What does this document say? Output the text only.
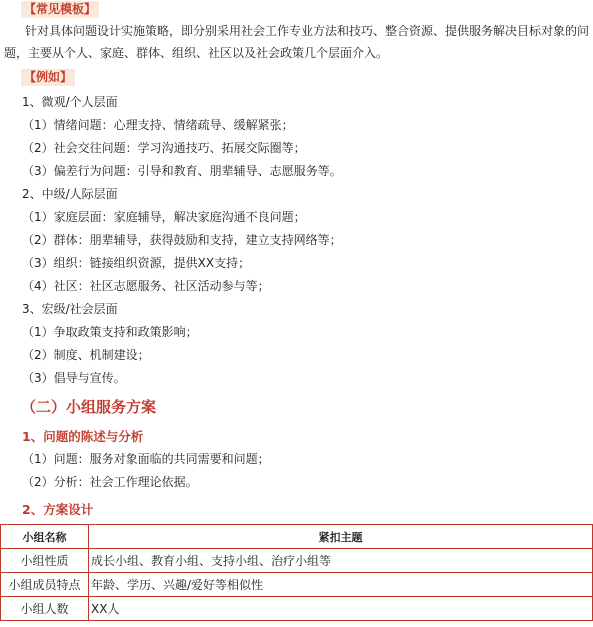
【常见模板】
针对具体问题设计实施策略，即分别采用社会工作专业方法和技巧、整合资源、提供服务解决目标对象的问题，主要从个人、家庭、群体、组织、社区以及社会政策几个层面介入。
【例如】
1、微观/个人层面
（1）情绪问题：心理支持、情绪疏导、缓解紧张；
（2）社会交往问题：学习沟通技巧、拓展交际圈等；
（3）偏差行为问题：引导和教育、朋辈辅导、志愿服务等。
2、中级/人际层面
（1）家庭层面：家庭辅导，解决家庭沟通不良问题；
（2）群体：朋辈辅导，获得鼓励和支持，建立支持网络等；
（3）组织：链接组织资源，提供XX支持；
（4）社区：社区志愿服务、社区活动参与等；
3、宏级/社会层面
（1）争取政策支持和政策影响；
（2）制度、机制建设；
（3）倡导与宣传。
（二）小组服务方案
1、问题的陈述与分析
（1）问题：服务对象面临的共同需要和问题；
（2）分析：社会工作理论依据。
2、方案设计
小组名称	紧扣主题
小组性质	成长小组、教育小组、支持小组、治疗小组等
小组成员特点	年龄、学历、兴趣/爱好等相似性
小组人数	XX人
